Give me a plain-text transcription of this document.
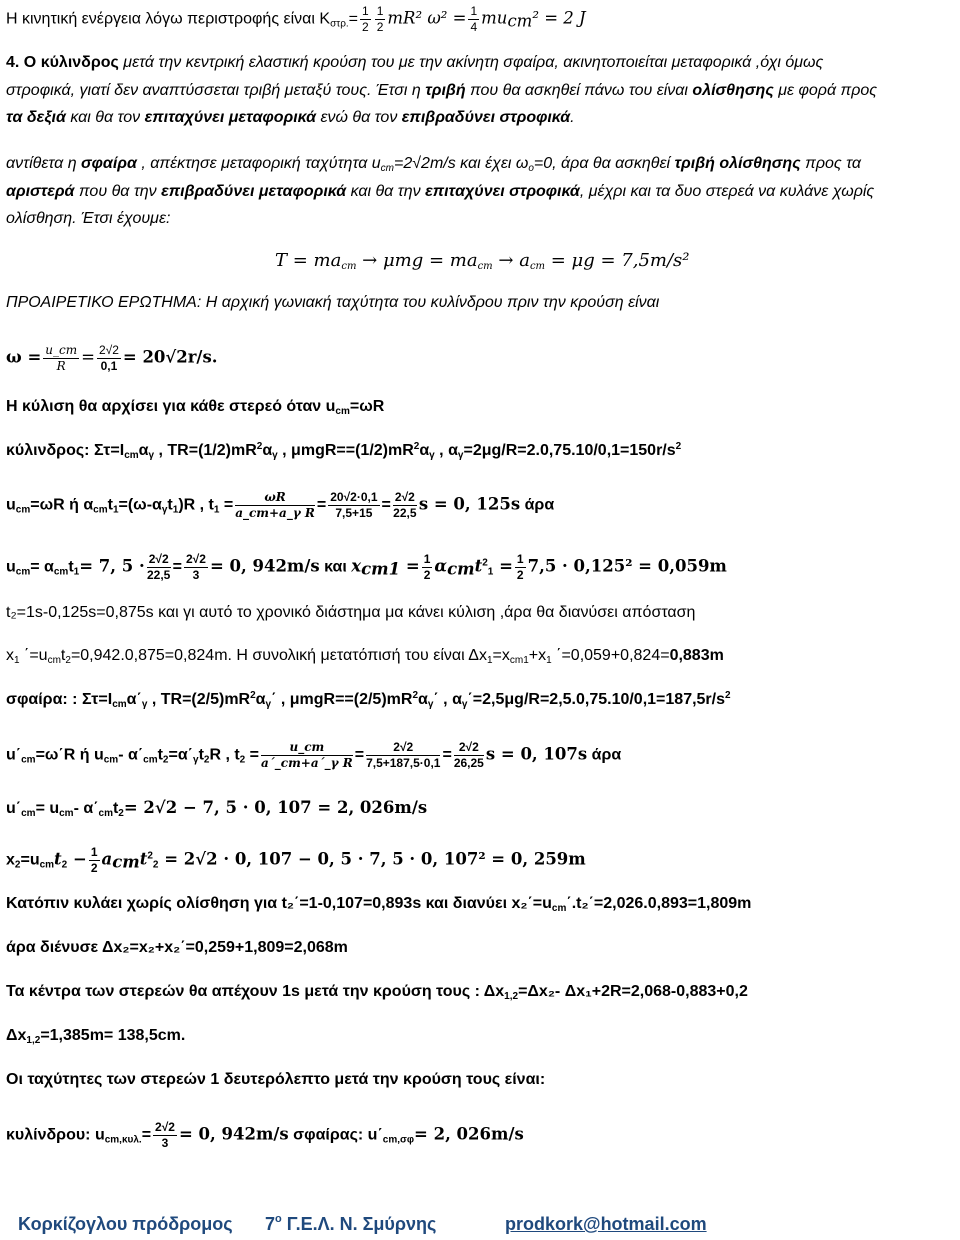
Η κινητική ενέργεια λόγω περιστροφής είναι $K_{\sigma\tau\rho.}= \frac{1}{2} \frac{1}{2} mR^2$ $\omega^2 = \frac{1}{4} mu_{cm}^2 = 2$ J
4. Ο κύλινδρος μετά την κεντρική ελαστική κρούση του με την ακίνητη σφαίρα, ακινητοποιείται μεταφορικά ,όχι όμως
στροφικά, γιατί δεν αναπτύσσεται τριβή μεταξύ τους. Έτσι η τριβή που θα ασκηθεί πάνω του είναι ολίσθησης με φορά προς
τα δεξιά και θα τον επιταχύνει μεταφορικά ενώ θα τον επιβραδύνει στροφικά.
αντίθετα η σφαίρα , απέκτησε μεταφορική ταχύτητα $u_{cm}=2√2m/s$ και έχει $\omega_o=0$, άρα θα ασκηθεί τριβή ολίσθησης προς τα
αριστερά που θα την επιβραδύνει μεταφορικά και θα την επιταχύνει στροφικά, μέχρι και τα δυο στερεά να κυλάνε χωρίς
ολίσθηση. Έτσι έχουμε:
$T = ma_{cm} \to \mu mg = ma_{cm} \to a_{cm} = \mu g = 7,5m/s^2$
ΠΡΟΑΙΡΕΤΙΚΟ ΕΡΩΤΗΜΑ: Η αρχική γωνιακή ταχύτητα του κυλίνδρου πριν την κρούση είναι
$\omega = \frac{u\_cm}{R} = \frac{2√2}{0,1} = 20√2r/s$.
Η κύλιση θα αρχίσει για κάθε στερεό όταν $u_{cm}=\omega R$
κύλινδρος: $\Sigma\tau=I_{cm}\alpha_\gamma$ , $TR=(1/2)mR^2\alpha_\gamma$ , $\mu mgR==(1/2)mR^2\alpha_\gamma$ , $\alpha_\gamma=2\mu g/R=2.0,75.10/0,1=150r/s^2$
$u_{cm}=\omega R$ ή $\alpha_{cm}t_1=(\omega-\alpha_\gamma t_1)R$ , $t_1 = \frac{\omega R}{\text{a\_cm+a\_γ R}} = \frac{20√2\cdot 0,1}{7,5+15} = \frac{2√2}{22,5}$ s = 0, 125s άρα
$u_{cm}= \alpha_{cm}t_1= 7$, $5 \cdot \frac{2√2}{22,5} = \frac{2√2}{3} = 0$, 942m/s και $x_{cm1} = \frac{1}{2} \alpha_{cm}t^2_1 = \frac{1}{2} 7,5 \cdot 0,125^2 = 0,059m$
t₂=1s-0,125s=0,875s και γι αυτό το χρονικό διάστημα μα κάνει κύλιση ,άρα θα διανύσει απόσταση
$x_1$ $΄=u_{cm}t_2=0,942.0,875=0,824m$. Η συνολική μετατόπισή του είναι $\Delta x_1=x_{cm1}+x_1$ ΄=0,059+0,824=0,883m
σφαίρα: : $\Sigma\tau=I_{cm}\alpha΄_\gamma$ , $TR=(2/5)mR^2\alpha_\gamma΄$ , $\mu mgR==(2/5)mR^2\alpha_\gamma΄$ , $\alpha_\gamma΄=2,5\mu g/R=2,5.0,75.10/0,1=187,5r/s^2$
$u΄_{cm}=\omega΄R$ ή $u_{cm}-$ $\alpha΄_{cm}t_2=\alpha΄_\gamma t_2R$ , $t_2 = \frac{u\_cm}{\text{a΄\_cm+a΄\_γ R}} = \frac{2√2}{7,5+187,5\cdot 0,1} = \frac{2√2}{26,25}$ s = 0, 107s άρα
$u΄_{cm}= u_{cm}-$ $\alpha΄_{cm}t_2= 2√2 - 7$, 5 · 0, 107 = 2, 026m/s
$x_2=u_{cm}t_2 - \frac{1}{2} a_{cm}t^2_2 = 2√2 \cdot 0$, 107 − 0, 5 · 7, 5 · 0, 107² = 0, 259m
Κατόπιν κυλάει χωρίς ολίσθηση για t₂΄=1-0,107=0,893s και διανύει $x_2΄=u_{cm}΄.t_2΄=2,026.0,893=1,809m$
άρα διένυσε Δx₂=x₂+x₂΄=0,259+1,809=2,068m
Τα κέντρα των στερεών θα απέχουν 1s μετά την κρούση τους : $\Delta x_{1,2}=\Delta x_2-$ Δx₁+2R=2,068-0,883+0,2
$\Delta x_{1,2}=1,385m= 138,5cm$.
Οι ταχύτητες των στερεών 1 δευτερόλεπτο μετά την κρούση τους είναι:
κυλίνδρου: $u_{cm,\kappa\upsilon\lambda.}= \frac{2√2}{3} = 0$, 942m/s σφαίρας: $u΄_{cm,\sigma\varphi}= 2$, 026m/s
Κορκίζογλου πρόδρομος $7^o$ Γ.Ε.Λ. Ν. Σμύρνης	prodkork@hotmail.com
